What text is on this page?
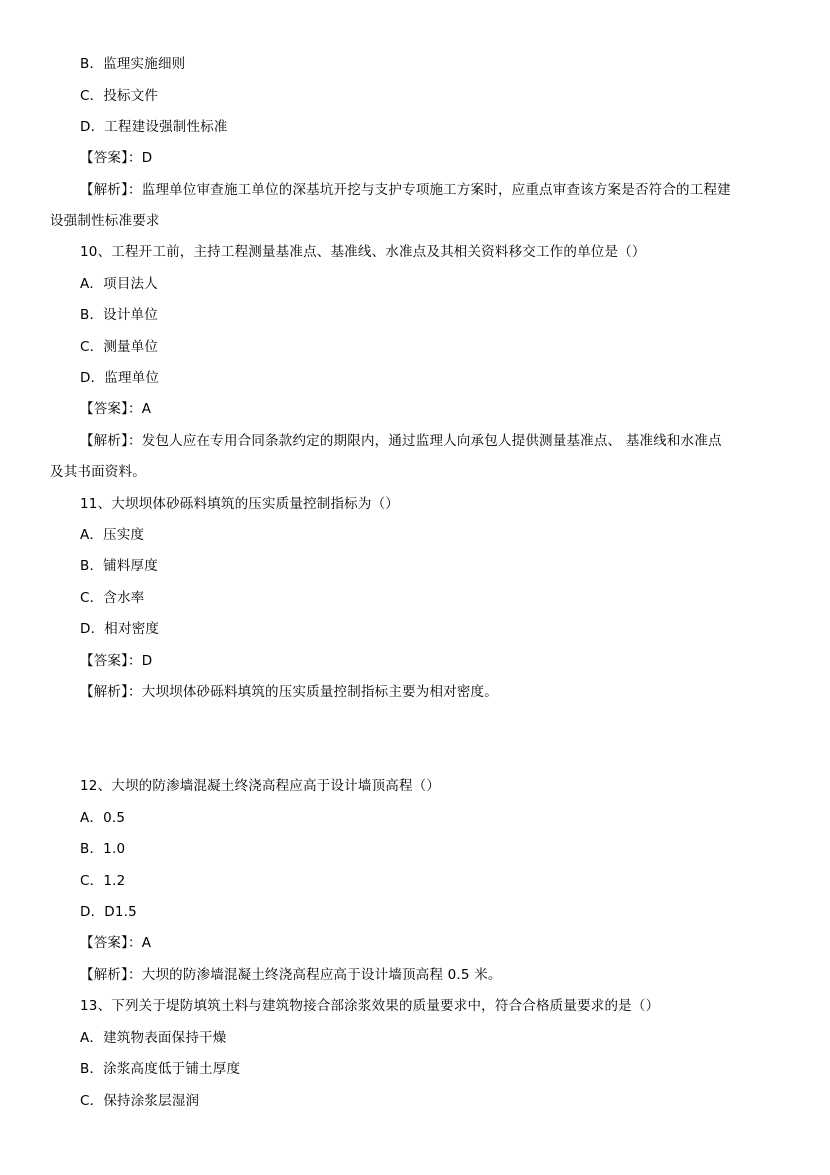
B．监理实施细则
C．投标文件
D．工程建设强制性标准
【答案】：D
【解析】：监理单位审查施工单位的深基坑开挖与支护专项施工方案时，应重点审查该方案是否符合的工程建
设强制性标准要求
10、工程开工前，主持工程测量基准点、基准线、水准点及其相关资料移交工作的单位是（）
A．项目法人
B．设计单位
C．测量单位
D．监理单位
【答案】：A
【解析】：发包人应在专用合同条款约定的期限内，通过监理人向承包人提供测量基准点、 基准线和水准点
及其书面资料。
11、大坝坝体砂砾料填筑的压实质量控制指标为（）
A．压实度
B．铺料厚度
C．含水率
D．相对密度
【答案】：D
【解析】：大坝坝体砂砾料填筑的压实质量控制指标主要为相对密度。
12、大坝的防渗墙混凝土终浇高程应高于设计墙顶高程（）
A．0.5
B．1.0
C．1.2
D．D1.5
【答案】：A
【解析】：大坝的防渗墙混凝土终浇高程应高于设计墙顶高程 0.5 米。
13、下列关于堤防填筑土料与建筑物接合部涂浆效果的质量要求中，符合合格质量要求的是（）
A．建筑物表面保持干燥
B．涂浆高度低于铺土厚度
C．保持涂浆层湿润
